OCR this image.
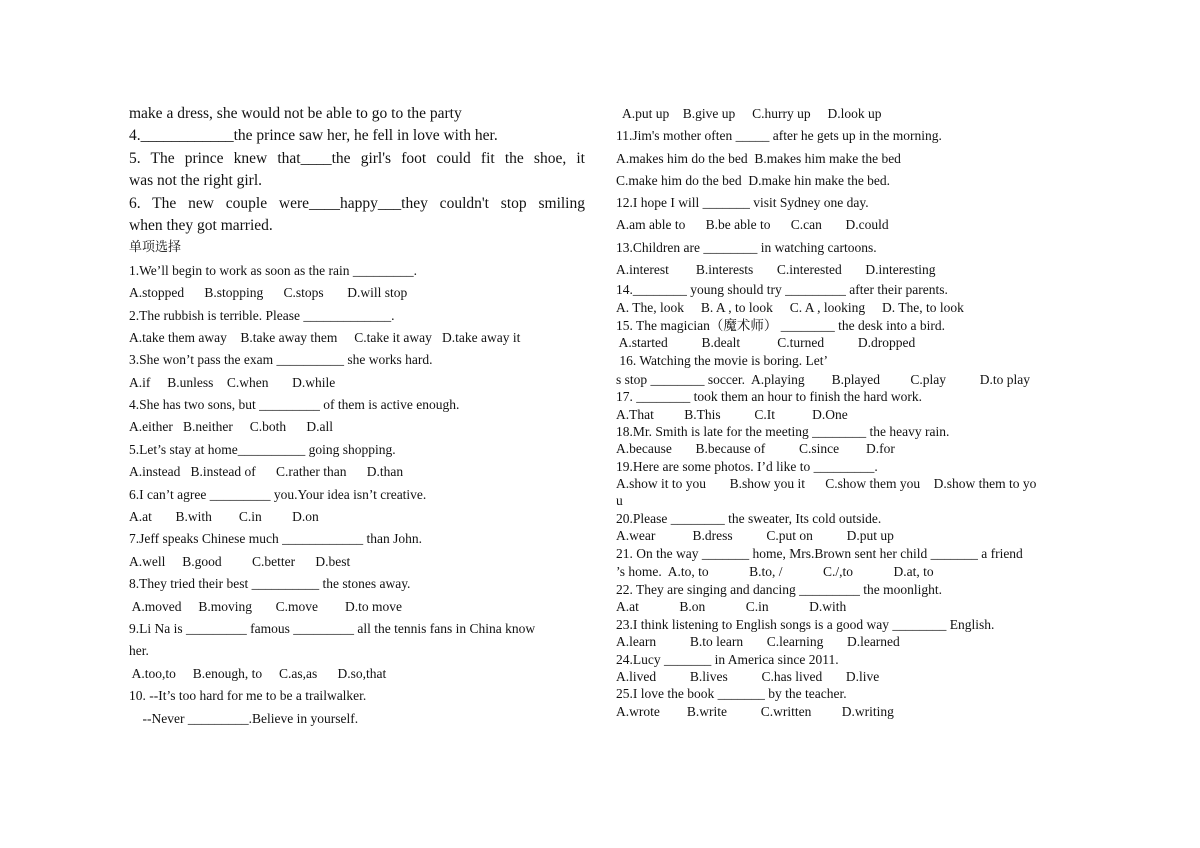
make a dress, she would not be able to go to the party
4.____________the prince saw her, he fell in love with her.
5. The prince knew that____the girl's foot could fit the shoe, it
was not the right girl.
6. The new couple were____happy___they couldn't stop smiling
when they got married.
单项选择
1.We’ll begin to work as soon as the rain _________.
A.stopped      B.stopping      C.stops       D.will stop
2.The rubbish is terrible. Please _____________.
A.take them away    B.take away them     C.take it away   D.take away it
3.She won’t pass the exam __________ she works hard.
A.if     B.unless    C.when       D.while
4.She has two sons, but _________ of them is active enough.
A.either   B.neither     C.both      D.all
5.Let’s stay at home__________ going shopping.
A.instead   B.instead of      C.rather than      D.than
6.I can’t agree _________ you.Your idea isn’t creative.
A.at       B.with        C.in         D.on
7.Jeff speaks Chinese much ____________ than John.
A.well     B.good         C.better      D.best
8.They tried their best __________ the stones away.
A.moved     B.moving       C.move        D.to move
9.Li Na is _________ famous _________ all the tennis fans in China know
her.
A.too,to     B.enough, to     C.as,as      D.so,that
10. --It’s too hard for me to be a trailwalker.
--Never _________.Believe in yourself.
A.put up    B.give up     C.hurry up     D.look up
11.Jim's mother often _____ after he gets up in the morning.
A.makes him do the bed  B.makes him make the bed
C.make him do the bed  D.make hin make the bed.
12.I hope I will _______ visit Sydney one day.
A.am able to      B.be able to      C.can       D.could
13.Children are ________ in watching cartoons.
A.interest        B.interests       C.interested       D.interesting
14.________ young should try _________ after their parents.
A. The, look     B. A , to look     C. A , looking     D. The, to look
15. The magician（魔术师） ________ the desk into a bird.
A.started          B.dealt           C.turned          D.dropped
16. Watching the movie is boring. Let’
s stop ________ soccer.  A.playing        B.played         C.play          D.to play
17. ________ took them an hour to finish the hard work.
A.That         B.This          C.It           D.One
18.Mr. Smith is late for the meeting ________ the heavy rain.
A.because       B.because of          C.since        D.for
19.Here are some photos. I’d like to _________.
A.show it to you       B.show you it      C.show them you    D.show them to yo
u
20.Please ________ the sweater, Its cold outside.
A.wear           B.dress          C.put on          D.put up
21. On the way _______ home, Mrs.Brown sent her child _______ a friend
’s home.  A.to, to            B.to, /            C./,to            D.at, to
22. They are singing and dancing _________ the moonlight.
A.at            B.on            C.in            D.with
23.I think listening to English songs is a good way ________ English.
A.learn          B.to learn       C.learning       D.learned
24.Lucy _______ in America since 2011.
A.lived          B.lives          C.has lived       D.live
25.I love the book _______ by the teacher.
A.wrote        B.write          C.written         D.writing
